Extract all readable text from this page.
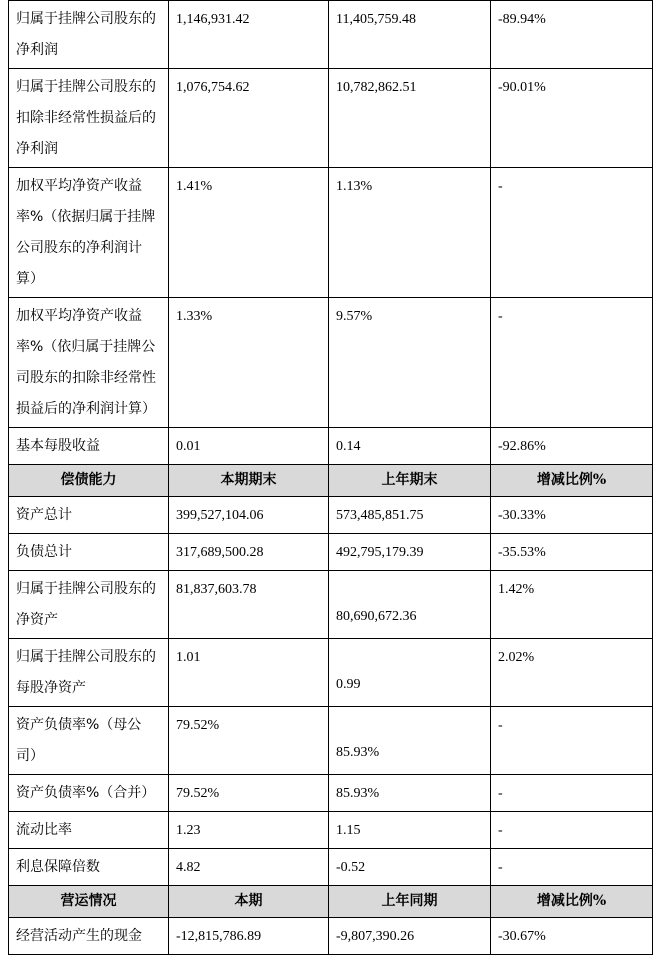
归属于挂牌公司股东的净利润	1,146,931.42	11,405,759.48	-89.94%
归属于挂牌公司股东的扣除非经常性损益后的净利润	1,076,754.62	10,782,862.51	-90.01%
加权平均净资产收益率%（依据归属于挂牌公司股东的净利润计算）	1.41%	1.13%	-
加权平均净资产收益率%（依归属于挂牌公司股东的扣除非经常性损益后的净利润计算）	1.33%	9.57%	-
基本每股收益	0.01	0.14	-92.86%
偿债能力	本期期末	上年期末	增减比例%
资产总计	399,527,104.06	573,485,851.75	-30.33%
负债总计	317,689,500.28	492,795,179.39	-35.53%
归属于挂牌公司股东的净资产	81,837,603.78	80,690,672.36	1.42%
归属于挂牌公司股东的每股净资产	1.01	0.99	2.02%
资产负债率%（母公司）	79.52%	85.93%	-
资产负债率%（合并）	79.52%	85.93%	-
流动比率	1.23	1.15	-
利息保障倍数	4.82	-0.52	-
营运情况	本期	上年同期	增减比例%
经营活动产生的现金	-12,815,786.89	-9,807,390.26	-30.67%
